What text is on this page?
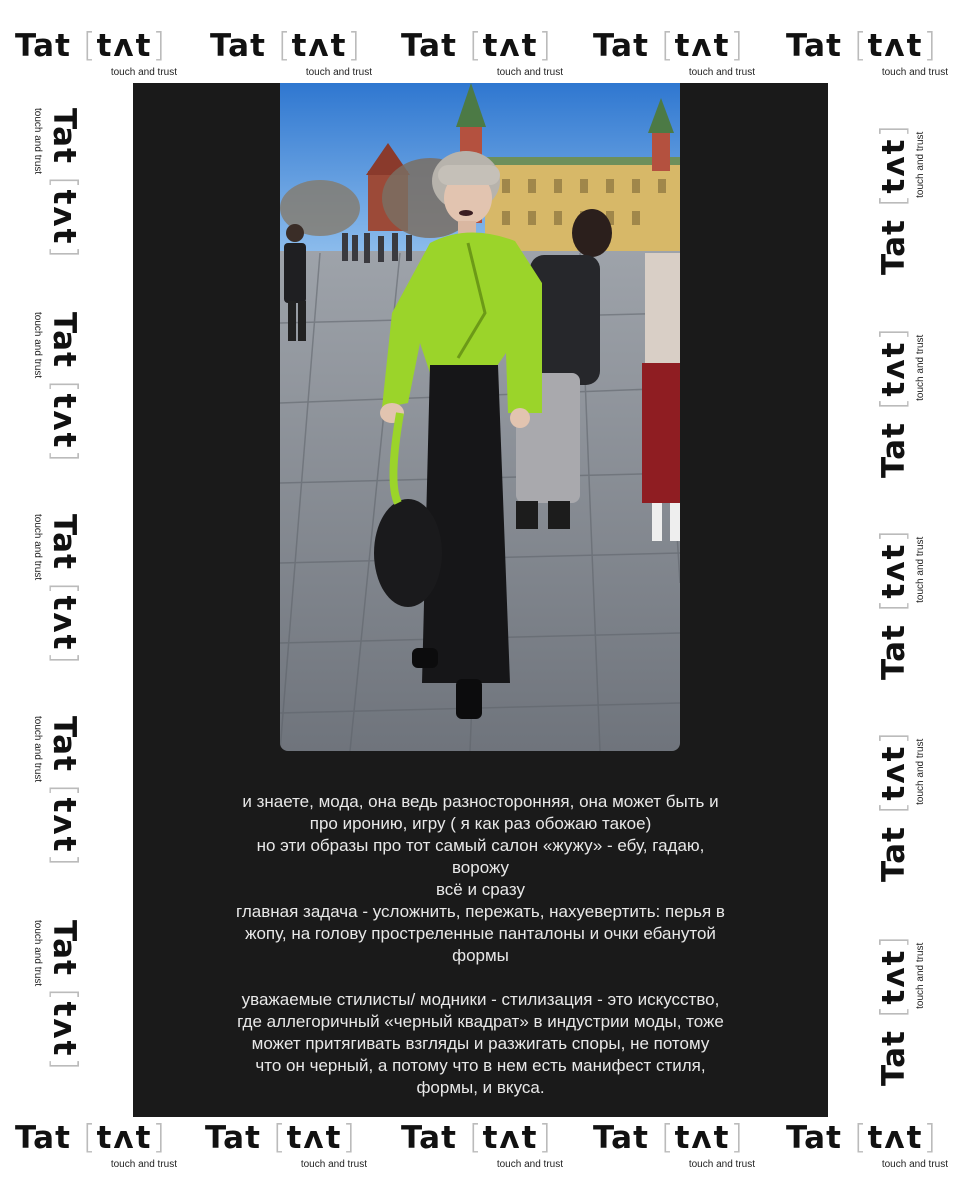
Tat [tʌt]
touch and trust
Tat [tʌt]
touch and trust
Tat [tʌt]
touch and trust
Tat [tʌt]
touch and trust
Tat [tʌt]
touch and trust
Tat [tʌt]
touch and trust
Tat [tʌt]
touch and trust
Tat [tʌt]
touch and trust
Tat [tʌt]
touch and trust
Tat [tʌt]
touch and trust
Tat [tʌt]
touch and trust
Tat [tʌt]
touch and trust
Tat [tʌt]
touch and trust
Tat [tʌt]
touch and trust
Tat [tʌt]
touch and trust
Tat [tʌt]
touch and trust
Tat [tʌt]
touch and trust
Tat [tʌt]
touch and trust
Tat [tʌt]
touch and trust
Tat [tʌt]
touch and trust

и знаете, мода, она ведь разносторонняя, она может быть и
про иронию, игру ( я как раз обожаю такое)
но эти образы про тот самый салон «жужу» - ебу, гадаю,
ворожу
всё и сразу
главная задача - усложнить, пережать, нахуевертить: перья в
жопу, на голову простреленные панталоны и очки ебанутой
формы

уважаемые стилисты/ модники - стилизация - это искусство,
где аллегоричный «черный квадрат» в индустрии моды, тоже
может притягивать взгляды и разжигать споры, не потому
что он черный, а потому что в нем есть манифест стиля,
формы, и вкуса.
